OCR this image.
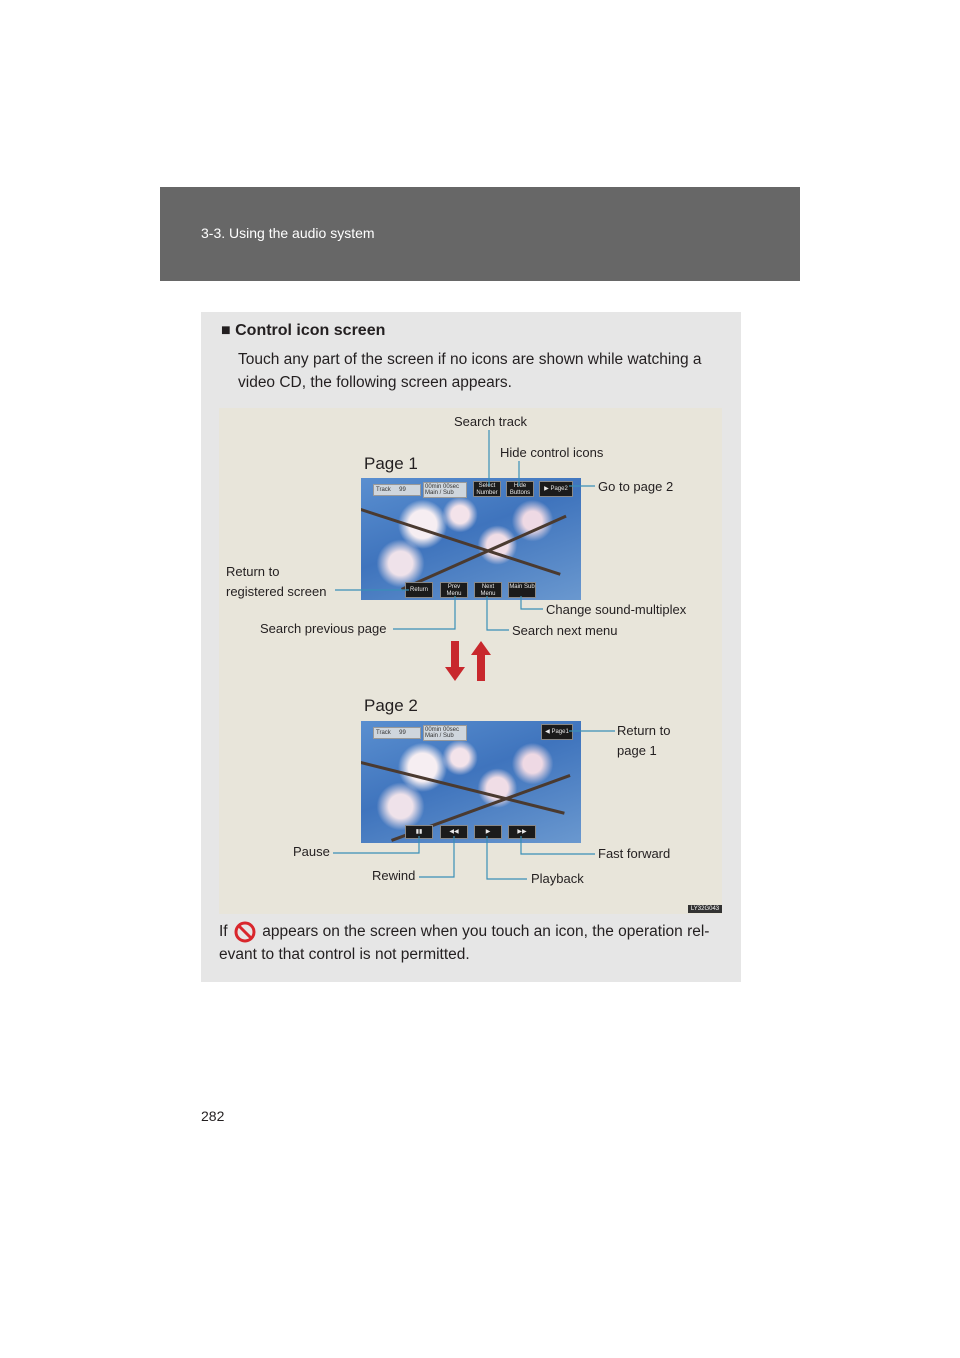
3-3. Using the audio system
■ Control icon screen
Touch any part of the screen if no icons are shown while watching a video CD, the following screen appears.
Page 1
Track 99	00min 00sec
Main / Sub
Select Number
Hide Buttons
▶ Page2
Return	Prev Menu
Next Menu
Main Sub
Search track
Hide control icons
Go to page 2
Return to
registered screen
Change sound-multiplex
Search previous page	Search next menu
Page 2
Track 99	00min 00sec
Main / Sub
◀ Page1
▮▮	◀◀	▶	▶▶
Return to
page 1
Pause	Fast forward
Rewind	Playback
LY32G043
If appears on the screen when you touch an icon, the operation rel-evant to that control is not permitted.
282
